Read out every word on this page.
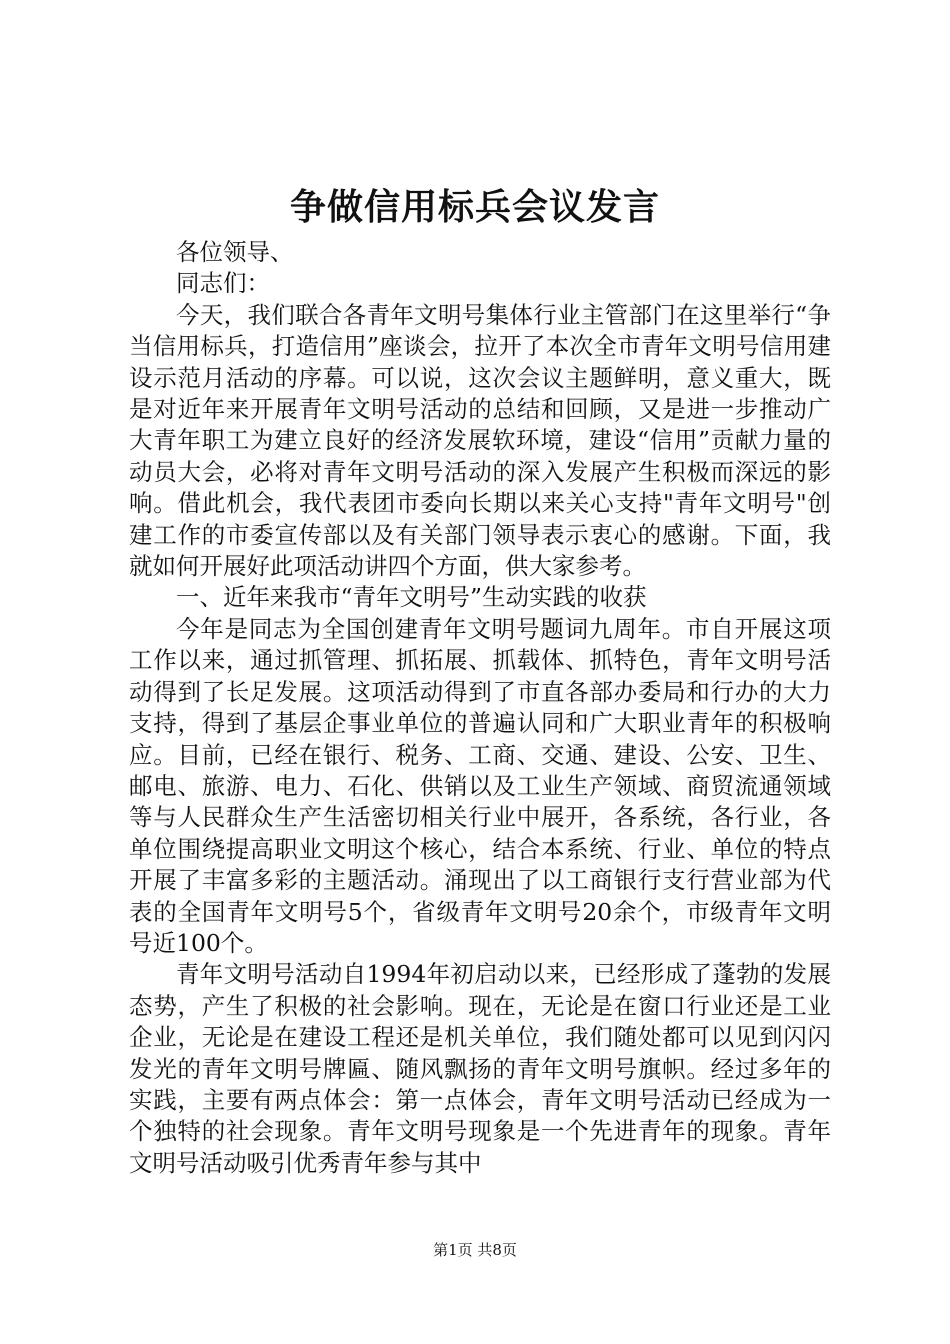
争做信用标兵会议发言

各位领导、

同志们：

今天，我们联合各青年文明号集体行业主管部门在这里举行“争当信用标兵，打造信用”座谈会，拉开了本次全市青年文明号信用建设示范月活动的序幕。可以说，这次会议主题鲜明，意义重大，既是对近年来开展青年文明号活动的总结和回顾，又是进一步推动广大青年职工为建立良好的经济发展软环境，建设“信用”贡献力量的动员大会，必将对青年文明号活动的深入发展产生积极而深远的影响。借此机会，我代表团市委向长期以来关心支持"青年文明号"创建工作的市委宣传部以及有关部门领导表示衷心的感谢。下面，我就如何开展好此项活动讲四个方面，供大家参考。

一、近年来我市“青年文明号”生动实践的收获

今年是同志为全国创建青年文明号题词九周年。市自开展这项工作以来，通过抓管理、抓拓展、抓载体、抓特色，青年文明号活动得到了长足发展。这项活动得到了市直各部办委局和行办的大力支持，得到了基层企事业单位的普遍认同和广大职业青年的积极响应。目前，已经在银行、税务、工商、交通、建设、公安、卫生、邮电、旅游、电力、石化、供销以及工业生产领域、商贸流通领域等与人民群众生产生活密切相关行业中展开，各系统，各行业，各单位围绕提高职业文明这个核心，结合本系统、行业、单位的特点开展了丰富多彩的主题活动。涌现出了以工商银行支行营业部为代表的全国青年文明号5个，省级青年文明号20余个，市级青年文明号近100个。

青年文明号活动自1994年初启动以来，已经形成了蓬勃的发展态势，产生了积极的社会影响。现在，无论是在窗口行业还是工业企业，无论是在建设工程还是机关单位，我们随处都可以见到闪闪发光的青年文明号牌匾、随风飘扬的青年文明号旗帜。经过多年的实践，主要有两点体会：第一点体会，青年文明号活动已经成为一个独特的社会现象。青年文明号现象是一个先进青年的现象。青年文明号活动吸引优秀青年参与其中

第1页 共8页
